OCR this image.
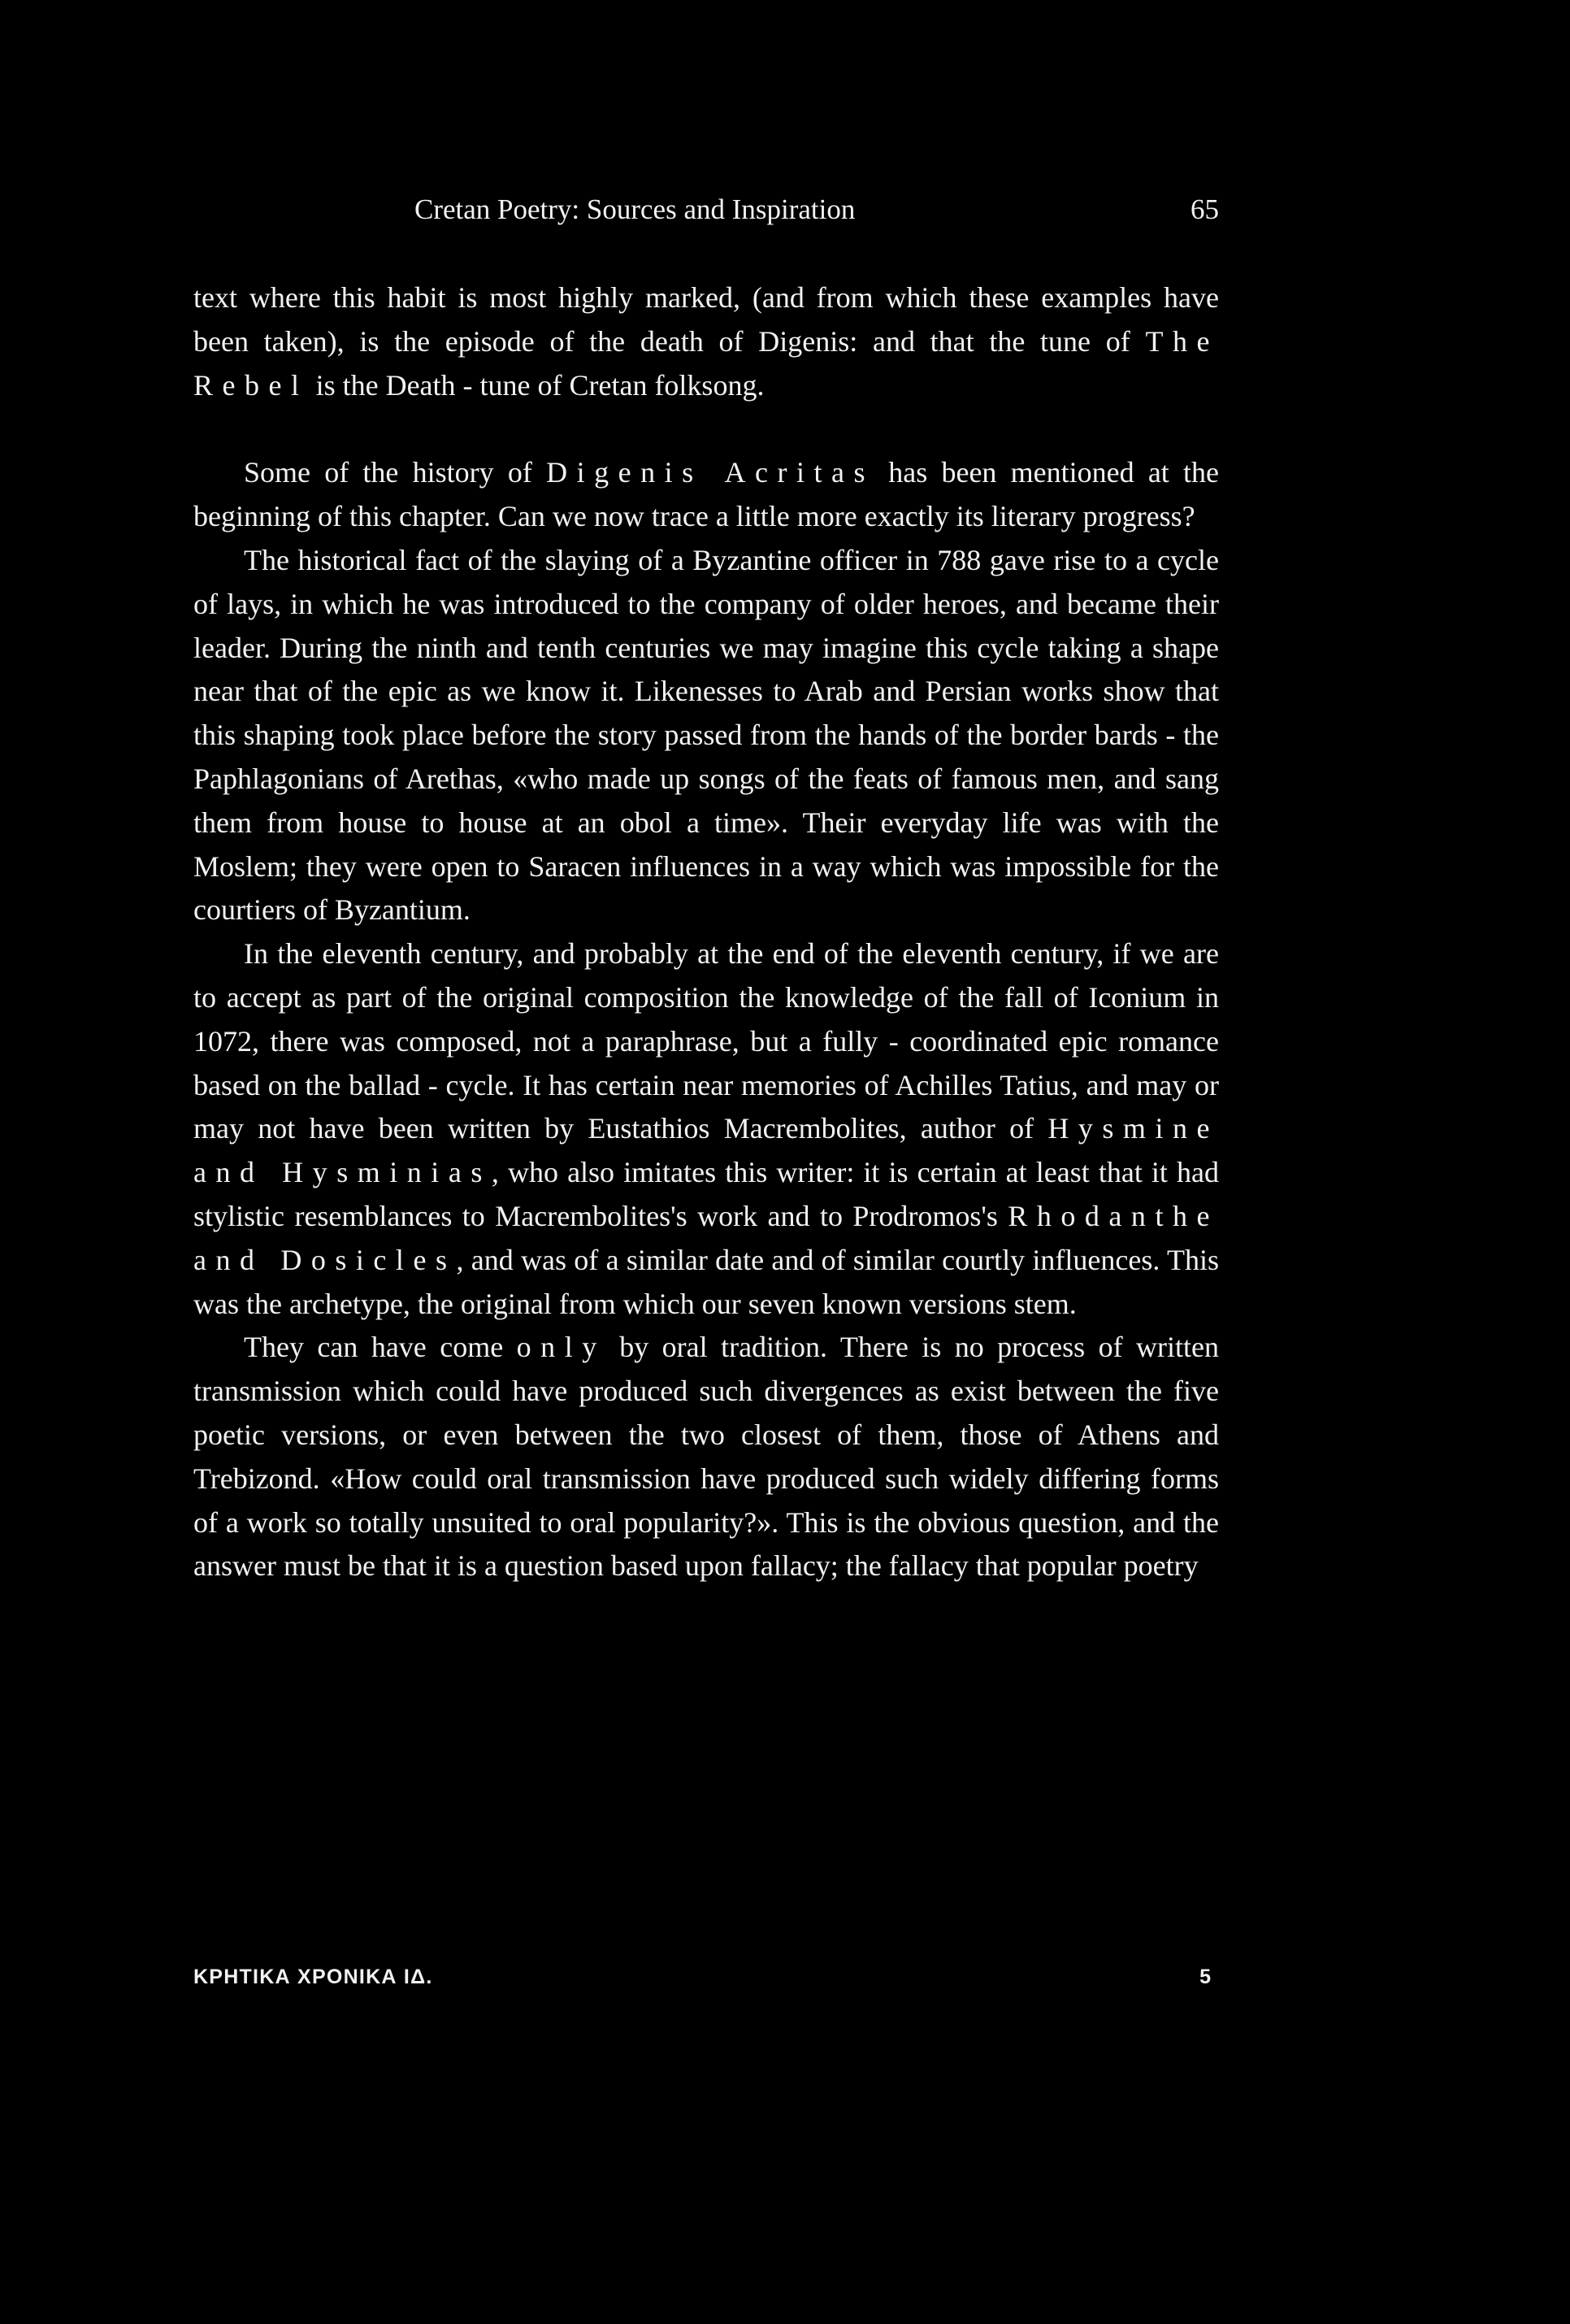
Cretan Poetry: Sources and Inspiration	65

text where this habit is most highly marked, (and from which these examples have been taken), is the episode of the death of Digenis: and that the tune of The Rebel is the Death - tune of Cretan folksong.

Some of the history of Digenis Acritas has been mentioned at the beginning of this chapter. Can we now trace a little more exactly its literary progress?

The historical fact of the slaying of a Byzantine officer in 788 gave rise to a cycle of lays, in which he was introduced to the company of older heroes, and became their leader. During the ninth and tenth centuries we may imagine this cycle taking a shape near that of the epic as we know it. Likenesses to Arab and Persian works show that this shaping took place before the story passed from the hands of the border bards - the Paphlagonians of Arethas, «who made up songs of the feats of famous men, and sang them from house to house at an obol a time». Their everyday life was with the Moslem; they were open to Saracen influences in a way which was impossible for the courtiers of Byzantium.

In the eleventh century, and probably at the end of the eleventh century, if we are to accept as part of the original composition the knowledge of the fall of Iconium in 1072, there was composed, not a paraphrase, but a fully - coordinated epic romance based on the ballad - cycle. It has certain near memories of Achilles Tatius, and may or may not have been written by Eustathios Macrembolites, author of Hysmine and Hysminias, who also imitates this writer: it is certain at least that it had stylistic resemblances to Macrembolites's work and to Prodromos's Rhodanthe and Dosicles, and was of a similar date and of similar courtly influences. This was the archetype, the original from which our seven known versions stem.

They can have come only by oral tradition. There is no process of written transmission which could have produced such divergences as exist between the five poetic versions, or even between the two closest of them, those of Athens and Trebizond. «How could oral transmission have produced such widely differing forms of a work so totally unsuited to oral popularity?». This is the obvious question, and the answer must be that it is a question based upon fallacy; the fallacy that popular poetry

ΚΡΗΤΙΚΑ ΧΡΟΝΙΚΑ ΙΔ.	5
